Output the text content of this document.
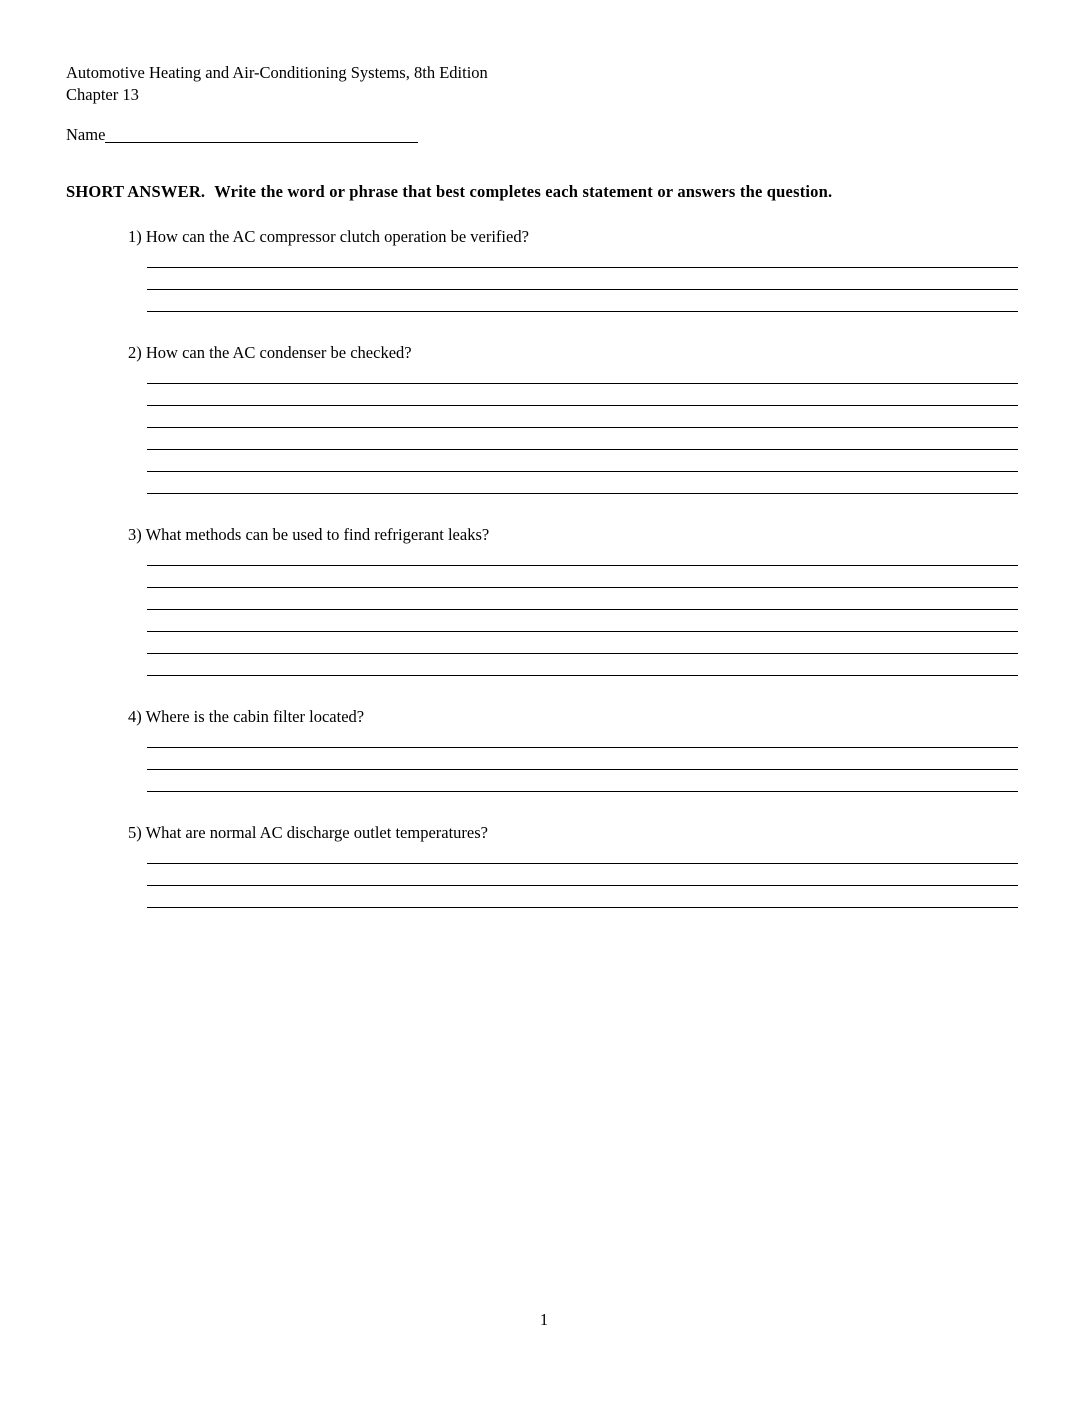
Automotive Heating and Air-Conditioning Systems, 8th Edition
Chapter 13
Name
SHORT ANSWER. Write the word or phrase that best completes each statement or answers the question.
1) How can the AC compressor clutch operation be verified?
2) How can the AC condenser be checked?
3) What methods can be used to find refrigerant leaks?
4) Where is the cabin filter located?
5) What are normal AC discharge outlet temperatures?
1
